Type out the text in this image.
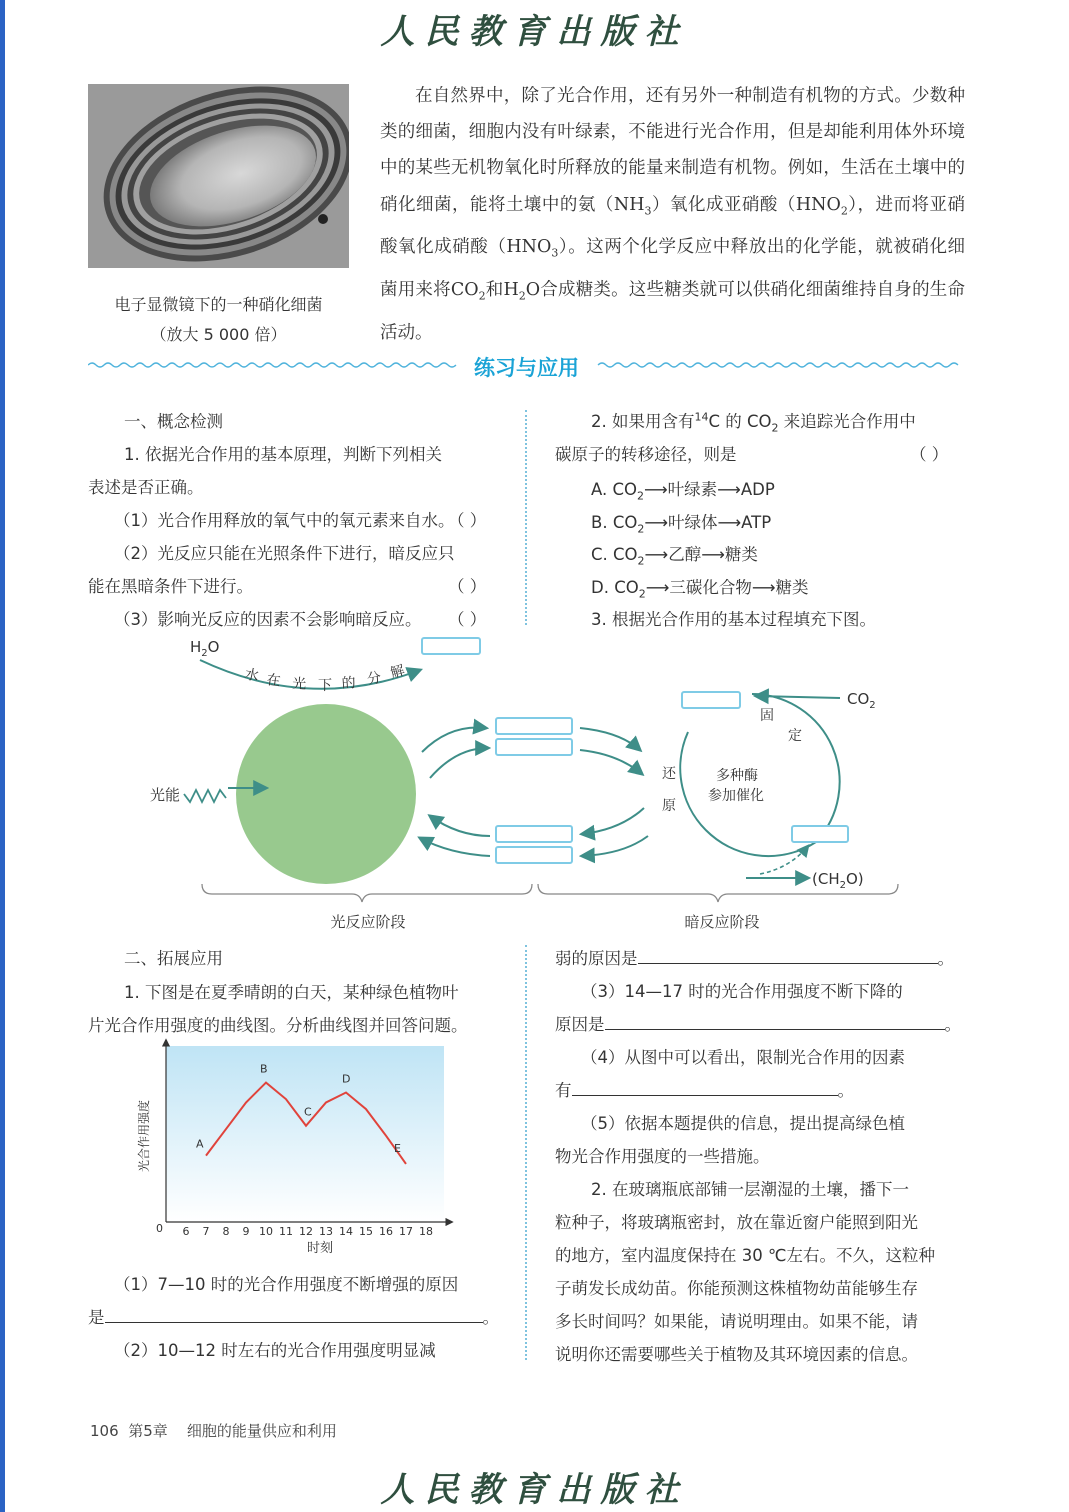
人民教育出版社
电子显微镜下的一种硝化细菌
（放大 5 000 倍）

在自然界中，除了光合作用，还有另外一种制造有机物的方式。少数种类的细菌，细胞内没有叶绿素，不能进行光合作用，但是却能利用体外环境中的某些无机物氧化时所释放的能量来制造有机物。例如，生活在土壤中的硝化细菌，能将土壤中的氨$(NH_3)$氧化成亚硝酸$(HNO_2)$，进而将亚硝酸氧化成硝酸$(HNO_3)$。这两个化学反应中释放出的化学能，就被硝化细菌用来将$CO_2$和$H_2O$合成糖类。这些糖类就可以供硝化细菌维持自身的生命活动。

练习与应用
一、概念检测
1. 依据光合作用的基本原理，判断下列相关
表述是否正确。
（1）光合作用释放的氧气中的氧元素来自水。
（ ）
（2）光反应只能在光照条件下进行，暗反应只
能在黑暗条件下进行。	（ ）
（3）影响光反应的因素不会影响暗反应。 （ ）
2. 如果用含有$^{14}$C 的 $CO_2$ 来追踪光合作用中
碳原子的转移途径，则是	（ ）
A. $CO_2⟶$叶绿素⟶ADP
B. $CO_2⟶$叶绿体⟶ATP
C. $CO_2⟶$乙醇⟶糖类
D. $CO_2⟶$三碳化合物⟶糖类
3. 根据光合作用的基本过程填充下图。
$H_2O$
水 在 光 下 的 分 解
光能
$CO_2$
固
定
还
原
多种酶
参加催化
$(CH_2O)$
光反应阶段	暗反应阶段
二、拓展应用
1. 下图是在夏季晴朗的白天，某种绿色植物叶
片光合作用强度的曲线图。分析曲线图并回答问题。
（1）7—10 时的光合作用强度不断增强的原因
是	。
（2）10—12 时左右的光合作用强度明显减
0 6 7 8 9 10 11 12 13 14 15 16 17 18
时刻
光合作用强度	A
B
C
D
E
弱的原因是	。
（3）14—17 时的光合作用强度不断下降的
原因是	。
（4）从图中可以看出，限制光合作用的因素
有	。
（5）依据本题提供的信息，提出提高绿色植
物光合作用强度的一些措施。
2. 在玻璃瓶底部铺一层潮湿的土壤，播下一
粒种子，将玻璃瓶密封，放在靠近窗户能照到阳光
的地方，室内温度保持在 30 ℃左右。不久，这粒种
子萌发长成幼苗。你能预测这株植物幼苗能够生存
多长时间吗？如果能，请说明理由。如果不能，请
说明你还需要哪些关于植物及其环境因素的信息。
106 第5章 细胞的能量供应和利用
人民教育出版社
